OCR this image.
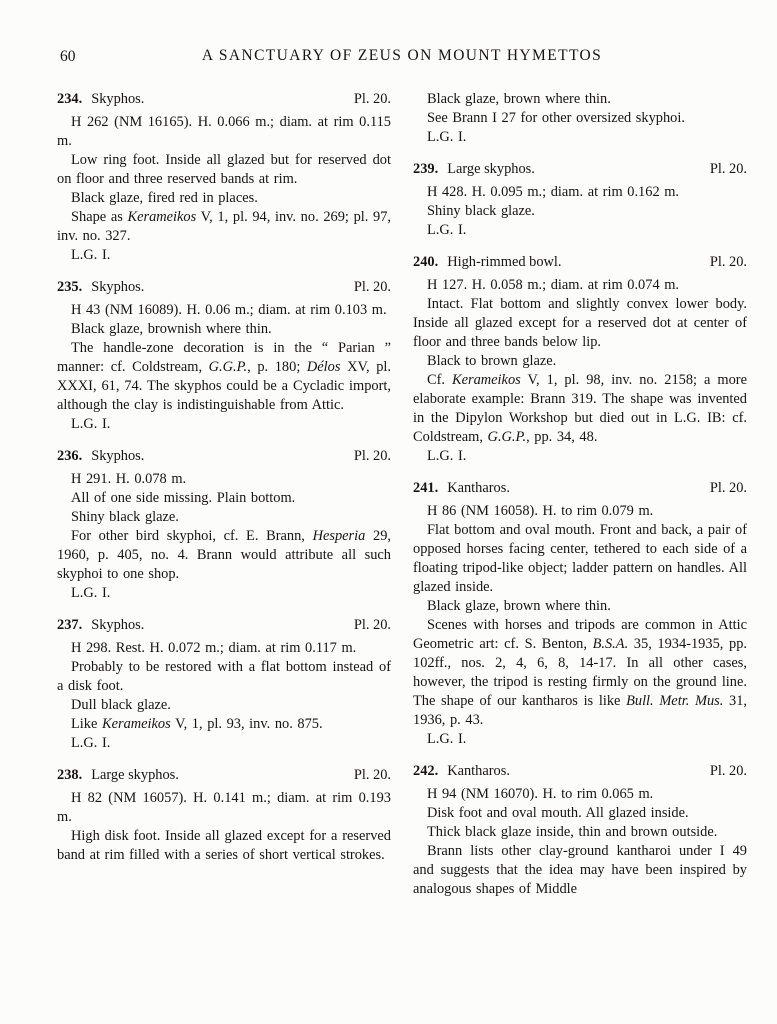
60	A SANCTUARY OF ZEUS ON MOUNT HYMETTOS
234. Skyphos.	Pl. 20.

H 262 (NM 16165). H. 0.066 m.; diam. at rim 0.115 m.

Low ring foot. Inside all glazed but for reserved dot on floor and three reserved bands at rim.

Black glaze, fired red in places.

Shape as Kerameikos V, 1, pl. 94, inv. no. 269; pl. 97, inv. no. 327.

L.G. I.

235. Skyphos.	Pl. 20.

H 43 (NM 16089). H. 0.06 m.; diam. at rim 0.103 m.

Black glaze, brownish where thin.

The handle-zone decoration is in the “ Parian ” manner: cf. Coldstream, G.G.P., p. 180; Délos XV, pl. XXXI, 61, 74. The skyphos could be a Cycladic import, although the clay is indistinguishable from Attic.

L.G. I.

236. Skyphos.	Pl. 20.

H 291. H. 0.078 m.

All of one side missing. Plain bottom.

Shiny black glaze.

For other bird skyphoi, cf. E. Brann, Hesperia 29, 1960, p. 405, no. 4. Brann would attribute all such skyphoi to one shop.

L.G. I.

237. Skyphos.	Pl. 20.

H 298. Rest. H. 0.072 m.; diam. at rim 0.117 m.

Probably to be restored with a flat bottom instead of a disk foot.

Dull black glaze.

Like Kerameikos V, 1, pl. 93, inv. no. 875.

L.G. I.

238. Large skyphos.	Pl. 20.

H 82 (NM 16057). H. 0.141 m.; diam. at rim 0.193 m.

High disk foot. Inside all glazed except for a reserved band at rim filled with a series of short vertical strokes.

Black glaze, brown where thin.

See Brann I 27 for other oversized skyphoi.

L.G. I.

239. Large skyphos.	Pl. 20.

H 428. H. 0.095 m.; diam. at rim 0.162 m.

Shiny black glaze.

L.G. I.

240. High-rimmed bowl.	Pl. 20.

H 127. H. 0.058 m.; diam. at rim 0.074 m.

Intact. Flat bottom and slightly convex lower body. Inside all glazed except for a reserved dot at center of floor and three bands below lip.

Black to brown glaze.

Cf. Kerameikos V, 1, pl. 98, inv. no. 2158; a more elaborate example: Brann 319. The shape was invented in the Dipylon Workshop but died out in L.G. IB: cf. Coldstream, G.G.P., pp. 34, 48.

L.G. I.

241. Kantharos.	Pl. 20.

H 86 (NM 16058). H. to rim 0.079 m.

Flat bottom and oval mouth. Front and back, a pair of opposed horses facing center, tethered to each side of a floating tripod-like object; ladder pattern on handles. All glazed inside.

Black glaze, brown where thin.

Scenes with horses and tripods are common in Attic Geometric art: cf. S. Benton, B.S.A. 35, 1934-1935, pp. 102ff., nos. 2, 4, 6, 8, 14-17. In all other cases, however, the tripod is resting firmly on the ground line. The shape of our kantharos is like Bull. Metr. Mus. 31, 1936, p. 43.

L.G. I.

242. Kantharos.	Pl. 20.

H 94 (NM 16070). H. to rim 0.065 m.

Disk foot and oval mouth. All glazed inside.

Thick black glaze inside, thin and brown outside.

Brann lists other clay-ground kantharoi under I 49 and suggests that the idea may have been inspired by analogous shapes of Middle
